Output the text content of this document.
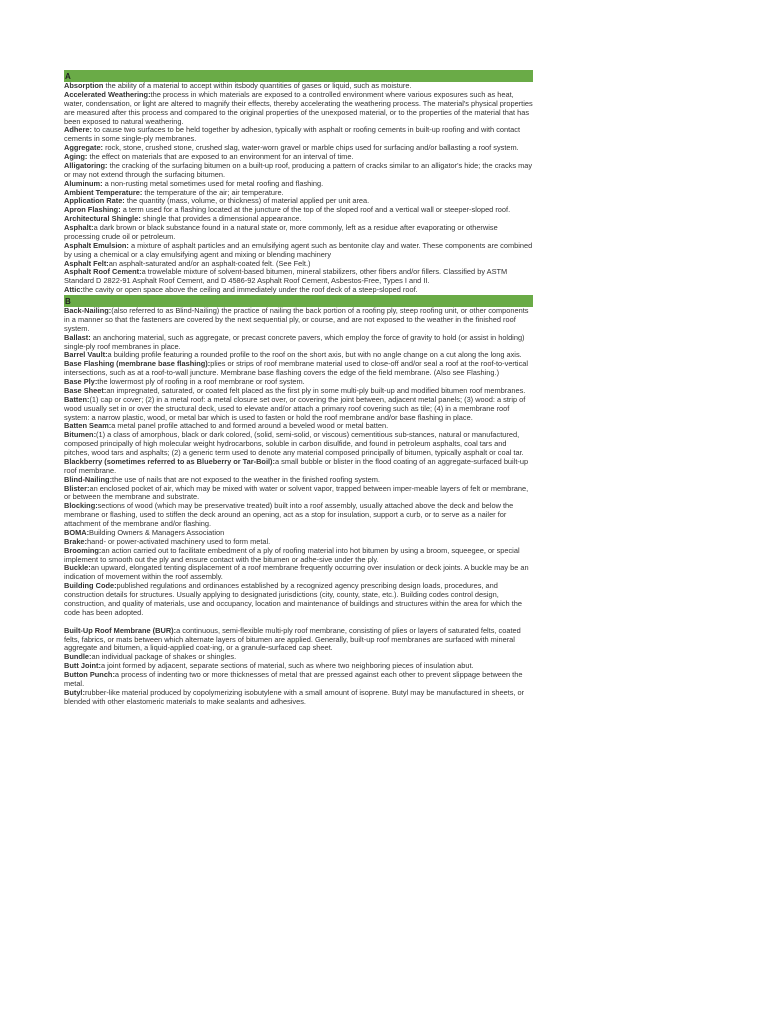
A

Absorption the ability of a material to accept within itsbody quantities of gases or liquid, such as moisture.

Accelerated Weathering:the process in which materials are exposed to a controlled environment where various exposures such as heat, water, condensation, or light are altered to magnify their effects, thereby accelerating the weathering process. The material's physical properties are measured after this process and compared to the original properties of the unexposed material, or to the properties of the material that has been exposed to natural weathering.

Adhere: to cause two surfaces to be held together by adhesion, typically with asphalt or roofing cements in built-up roofing and with contact cements in some single-ply membranes.

Aggregate: rock, stone, crushed stone, crushed slag, water-worn gravel or marble chips used for surfacing and/or ballasting a roof system.

Aging: the effect on materials that are exposed to an environment for an interval of time.

Alligatoring: the cracking of the surfacing bitumen on a built-up roof, producing a pattern of cracks similar to an alligator's hide; the cracks may or may not extend through the surfacing bitumen.

Aluminum: a non-rusting metal sometimes used for metal roofing and flashing.

Ambient Temperature: the temperature of the air; air temperature.

Application Rate: the quantity (mass, volume, or thickness) of material applied per unit area.

Apron Flashing: a term used for a flashing located at the juncture of the top of the sloped roof and a vertical wall or steeper-sloped roof.

Architectural Shingle: shingle that provides a dimensional appearance.

Asphalt:a dark brown or black substance found in a natural state or, more commonly, left as a residue after evaporating or otherwise processing crude oil or petroleum.

Asphalt Emulsion: a mixture of asphalt particles and an emulsifying agent such as bentonite clay and water. These components are combined by using a chemical or a clay emulsifying agent and mixing or blending machinery

Asphalt Felt:an asphalt-saturated and/or an asphalt-coated felt. (See Felt.)

Asphalt Roof Cement:a trowelable mixture of solvent-based bitumen, mineral stabilizers, other fibers and/or fillers. Classified by ASTM Standard D 2822-91 Asphalt Roof Cement, and D 4586-92 Asphalt Roof Cement, Asbestos-Free, Types I and II.

Attic:the cavity or open space above the ceiling and immediately under the roof deck of a steep-sloped roof.

B

Back-Nailing:(also referred to as Blind-Nailing) the practice of nailing the back portion of a roofing ply, steep roofing unit, or other components in a manner so that the fasteners are covered by the next sequential ply, or course, and are not exposed to the weather in the finished roof system.

Ballast: an anchoring material, such as aggregate, or precast concrete pavers, which employ the force of gravity to hold (or assist in holding) single-ply roof membranes in place.

Barrel Vault:a building profile featuring a rounded profile to the roof on the short axis, but with no angle change on a cut along the long axis.

Base Flashing (membrane base flashing):plies or strips of roof membrane material used to close-off and/or seal a roof at the roof-to-vertical intersections, such as at a roof-to-wall juncture. Membrane base flashing covers the edge of the field membrane. (Also see Flashing.)

Base Ply:the lowermost ply of roofing in a roof membrane or roof system.

Base Sheet:an impregnated, saturated, or coated felt placed as the first ply in some multi-ply built-up and modified bitumen roof membranes.

Batten:(1) cap or cover; (2) in a metal roof: a metal closure set over, or covering the joint between, adjacent metal panels; (3) wood: a strip of wood usually set in or over the structural deck, used to elevate and/or attach a primary roof covering such as tile; (4) in a membrane roof system: a narrow plastic, wood, or metal bar which is used to fasten or hold the roof membrane and/or base flashing in place.

Batten Seam:a metal panel profile attached to and formed around a beveled wood or metal batten.

Bitumen:(1) a class of amorphous, black or dark colored, (solid, semi-solid, or viscous) cementitious sub-stances, natural or manufactured, composed principally of high molecular weight hydrocarbons, soluble in carbon disulfide, and found in petroleum asphalts, coal tars and pitches, wood tars and asphalts; (2) a generic term used to denote any material composed principally of bitumen, typically asphalt or coal tar.

Blackberry (sometimes referred to as Blueberry or Tar-Boil):a small bubble or blister in the flood coating of an aggregate-surfaced built-up roof membrane.

Blind-Nailing:the use of nails that are not exposed to the weather in the finished roofing system.

Blister:an enclosed pocket of air, which may be mixed with water or solvent vapor, trapped between imper-meable layers of felt or membrane, or between the membrane and substrate.

Blocking:sections of wood (which may be preservative treated) built into a roof assembly, usually attached above the deck and below the membrane or flashing, used to stiffen the deck around an opening, act as a stop for insulation, support a curb, or to serve as a nailer for attachment of the membrane and/or flashing.

BOMA:Building Owners & Managers Association

Brake:hand- or power-activated machinery used to form metal.

Brooming:an action carried out to facilitate embedment of a ply of roofing material into hot bitumen by using a broom, squeegee, or special implement to smooth out the ply and ensure contact with the bitumen or adhe-sive under the ply.

Buckle:an upward, elongated tenting displacement of a roof membrane frequently occurring over insulation or deck joints. A buckle may be an indication of movement within the roof assembly.

Building Code:published regulations and ordinances established by a recognized agency prescribing design loads, procedures, and construction details for structures. Usually applying to designated jurisdictions (city, county, state, etc.). Building codes control design, construction, and quality of materials, use and occupancy, location and maintenance of buildings and structures within the area for which the code has been adopted.

Built-Up Roof Membrane (BUR):a continuous, semi-flexible multi-ply roof membrane, consisting of plies or layers of saturated felts, coated felts, fabrics, or mats between which alternate layers of bitumen are applied. Generally, built-up roof membranes are surfaced with mineral aggregate and bitumen, a liquid-applied coat-ing, or a granule-surfaced cap sheet.

Bundle:an individual package of shakes or shingles.

Butt Joint:a joint formed by adjacent, separate sections of material, such as where two neighboring pieces of insulation abut.

Button Punch:a process of indenting two or more thicknesses of metal that are pressed against each other to prevent slippage between the metal.

Butyl:rubber-like material produced by copolymerizing isobutylene with a small amount of isoprene. Butyl may be manufactured in sheets, or blended with other elastomeric materials to make sealants and adhesives.
